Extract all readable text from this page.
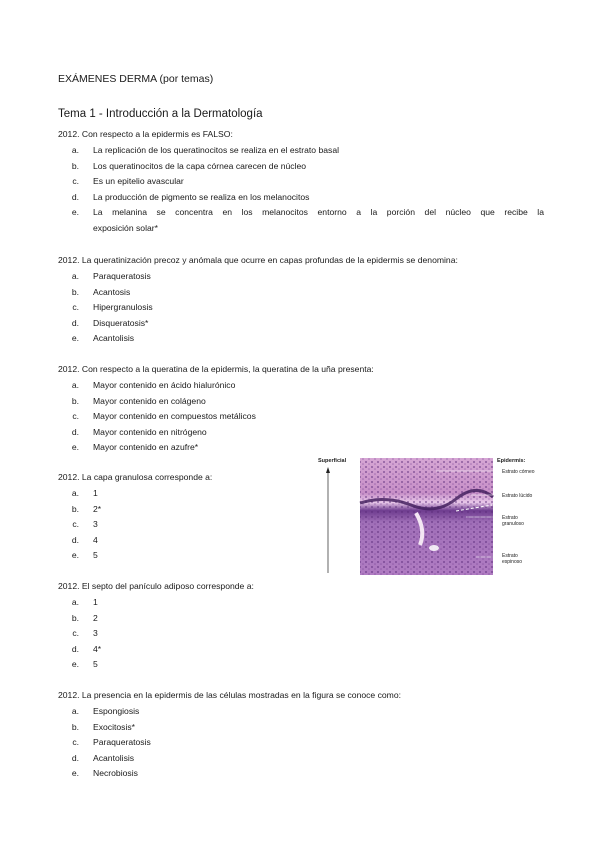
EXÁMENES DERMA (por temas)
Tema 1 - Introducción a la Dermatología

2012. Con respecto a la epidermis es FALSO:

a.	La replicación de los queratinocitos se realiza en el estrato basal
b.	Los queratinocitos de la capa córnea carecen de núcleo
c.	Es un epitelio avascular
d.	La producción de pigmento se realiza en los melanocitos
e.	La melanina se concentra en los melanocitos entorno a la porción del núcleo que recibe la
exposición solar*

2012. La queratinización precoz y anómala que ocurre en capas profundas de la epidermis se denomina:

a.	Paraqueratosis
b.	Acantosis
c.	Hipergranulosis
d.	Disqueratosis*
e.	Acantolisis

2012. Con respecto a la queratina de la epidermis, la queratina de la uña presenta:

a.	Mayor contenido en ácido hialurónico
b.	Mayor contenido en colágeno
c.	Mayor contenido en compuestos metálicos
d.	Mayor contenido en nitrógeno
e.	Mayor contenido en azufre*

2012. La capa granulosa corresponde a:

a.	1
b.	2*
c.	3
d.	4
e.	5
Superficial	Epidermis:
Estrato córneo
Estrato lúcido
Estrato granuloso
Estrato espinoso

2012. El septo del panículo adiposo corresponde a:

a.	1
b.	2
c.	3
d.	4*
e.	5

2012. La presencia en la epidermis de las células mostradas en la figura se conoce como:

a.	Espongiosis
b.	Exocitosis*
c.	Paraqueratosis
d.	Acantolisis
e.	Necrobiosis
